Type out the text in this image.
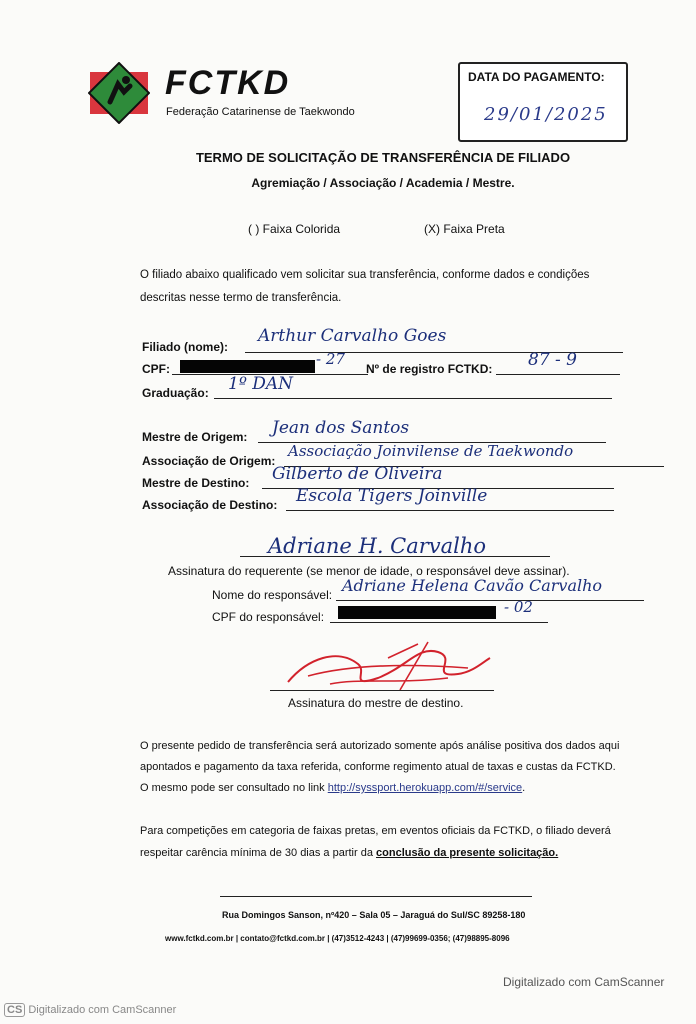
FCTKD
Federação Catarinense de Taekwondo
DATA DO PAGAMENTO:
29/01/2025
TERMO DE SOLICITAÇÃO DE TRANSFERÊNCIA DE FILIADO
Agremiação / Associação / Academia / Mestre.
( ) Faixa Colorida	(X) Faixa Preta
O filiado abaixo qualificado vem solicitar sua transferência, conforme dados e condições descritas nesse termo de transferência.
Filiado (nome):
Arthur Carvalho Goes
CPF:
- 27
Nº de registro FCTKD: 87 - 9
Graduação: 1º DAN
Mestre de Origem: Jean dos Santos
Associação de Origem:
Associação Joinvilense de Taekwondo
Mestre de Destino: Gilberto de Oliveira
Associação de Destino: Escola Tigers Joinville
Adriane H. Carvalho
Assinatura do requerente (se menor de idade, o responsável deve assinar).
Nome do responsável: Adriane Helena Cavão Carvalho
CPF do responsável:
- 02
Assinatura do mestre de destino.
O presente pedido de transferência será autorizado somente após análise positiva dos dados aqui apontados e pagamento da taxa referida, conforme regimento atual de taxas e custas da FCTKD. O mesmo pode ser consultado no link http://syssport.herokuapp.com/#/service.
Para competições em categoria de faixas pretas, em eventos oficiais da FCTKD, o filiado deverá respeitar carência mínima de 30 dias a partir da conclusão da presente solicitação.
Rua Domingos Sanson, nº420 – Sala 05 – Jaraguá do Sul/SC 89258-180
www.fctkd.com.br | contato@fctkd.com.br | (47)3512-4243 | (47)99699-0356; (47)98895-8096
Digitalizado com CamScanner
CS Digitalizado com CamScanner
